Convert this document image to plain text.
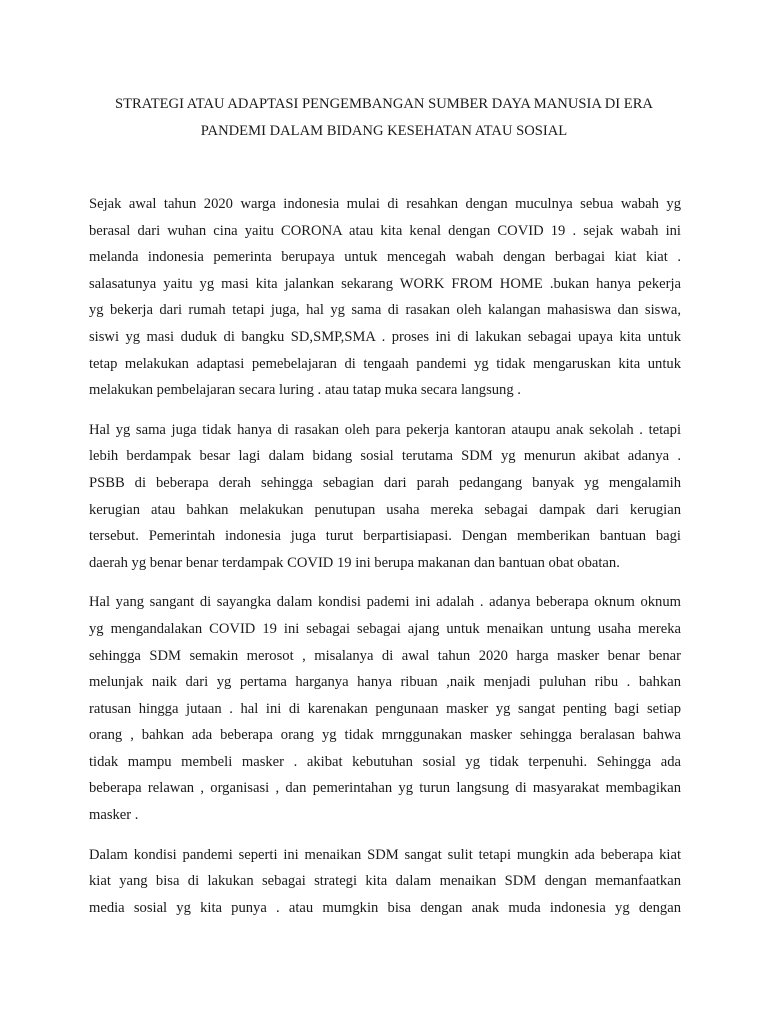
STRATEGI ATAU ADAPTASI PENGEMBANGAN SUMBER DAYA MANUSIA DI ERA
PANDEMI DALAM BIDANG KESEHATAN ATAU SOSIAL

Sejak awal tahun 2020 warga indonesia mulai di resahkan dengan muculnya sebua wabah yg
berasal dari wuhan cina yaitu CORONA atau kita kenal dengan COVID 19 . sejak wabah ini
melanda indonesia pemerinta berupaya untuk mencegah wabah dengan berbagai kiat kiat .
salasatunya yaitu yg masi kita jalankan sekarang WORK FROM HOME .bukan hanya pekerja
yg bekerja dari rumah tetapi juga, hal yg sama di rasakan oleh kalangan mahasiswa dan siswa,
siswi yg masi duduk di bangku SD,SMP,SMA . proses ini di lakukan sebagai upaya kita untuk
tetap melakukan adaptasi pemebelajaran di tengaah pandemi yg tidak mengaruskan kita untuk
melakukan pembelajaran secara luring . atau tatap muka secara langsung .

Hal yg sama juga tidak hanya di rasakan oleh para pekerja kantoran ataupu anak sekolah . tetapi
lebih berdampak besar lagi dalam bidang sosial terutama SDM yg menurun akibat adanya .
PSBB di beberapa derah sehingga sebagian dari parah pedangang banyak yg mengalamih
kerugian atau bahkan melakukan penutupan usaha mereka sebagai dampak dari kerugian
tersebut. Pemerintah indonesia juga turut berpartisiapasi. Dengan memberikan bantuan bagi
daerah yg benar benar terdampak COVID 19 ini berupa makanan dan bantuan obat obatan.

Hal yang sangant di sayangka dalam kondisi pademi ini adalah . adanya beberapa oknum oknum
yg mengandalakan COVID 19 ini sebagai sebagai ajang untuk menaikan untung usaha mereka
sehingga SDM semakin merosot , misalanya di awal tahun 2020 harga masker benar benar
melunjak naik dari yg pertama harganya hanya ribuan ,naik menjadi puluhan ribu . bahkan
ratusan hingga jutaan . hal ini di karenakan pengunaan masker yg sangat penting bagi setiap
orang , bahkan ada beberapa orang yg tidak mrnggunakan masker sehingga beralasan bahwa
tidak mampu membeli masker . akibat kebutuhan sosial yg tidak terpenuhi. Sehingga ada
beberapa relawan , organisasi , dan pemerintahan yg turun langsung di masyarakat membagikan
masker .

Dalam kondisi pandemi seperti ini menaikan SDM sangat sulit tetapi mungkin ada beberapa kiat
kiat yang bisa di lakukan sebagai strategi kita dalam menaikan SDM dengan memanfaatkan
media sosial yg kita punya . atau mumgkin bisa dengan anak muda indonesia yg dengan
